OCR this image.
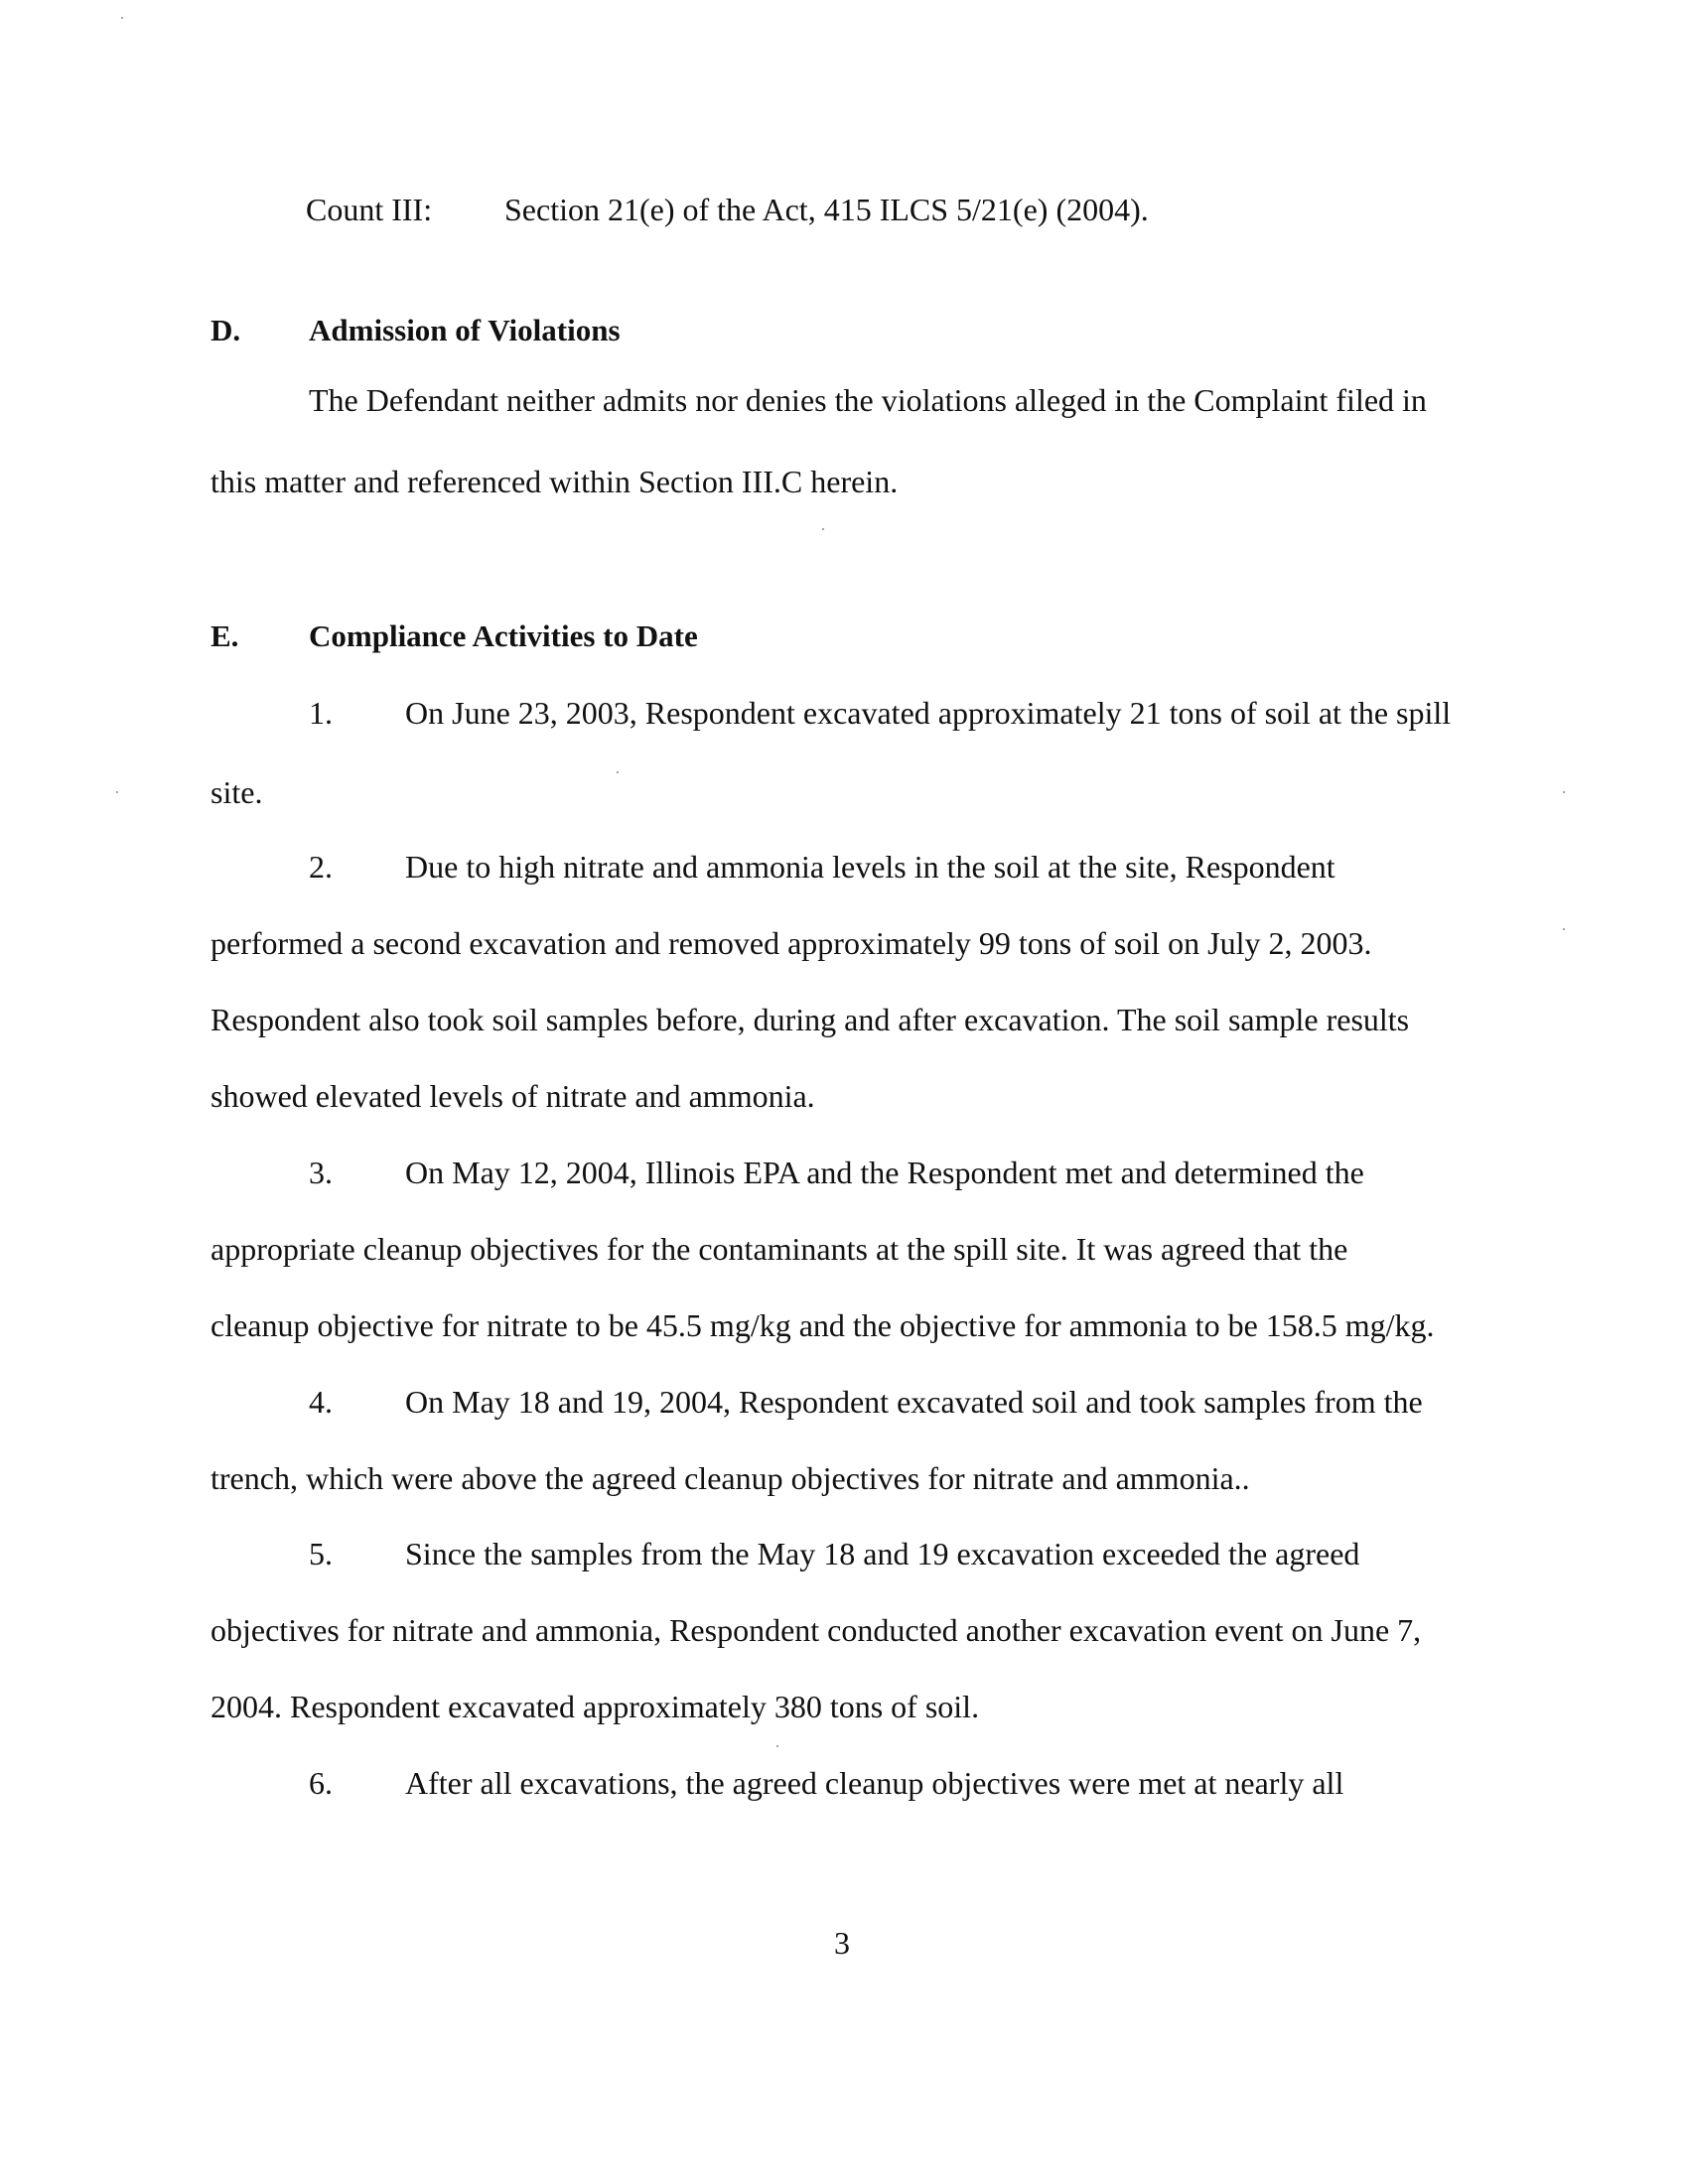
Count III: Section 21(e) of the Act, 415 ILCS 5/21(e) (2004).
D. Admission of Violations
The Defendant neither admits nor denies the violations alleged in the Complaint filed in
this matter and referenced within Section III.C herein.
E. Compliance Activities to Date
1. On June 23, 2003, Respondent excavated approximately 21 tons of soil at the spill
site.
2. Due to high nitrate and ammonia levels in the soil at the site, Respondent
performed a second excavation and removed approximately 99 tons of soil on July 2, 2003.
Respondent also took soil samples before, during and after excavation. The soil sample results
showed elevated levels of nitrate and ammonia.
3. On May 12, 2004, Illinois EPA and the Respondent met and determined the
appropriate cleanup objectives for the contaminants at the spill site. It was agreed that the
cleanup objective for nitrate to be 45.5 mg/kg and the objective for ammonia to be 158.5 mg/kg.
4. On May 18 and 19, 2004, Respondent excavated soil and took samples from the
trench, which were above the agreed cleanup objectives for nitrate and ammonia..
5. Since the samples from the May 18 and 19 excavation exceeded the agreed
objectives for nitrate and ammonia, Respondent conducted another excavation event on June 7,
2004. Respondent excavated approximately 380 tons of soil.
6. After all excavations, the agreed cleanup objectives were met at nearly all
3
